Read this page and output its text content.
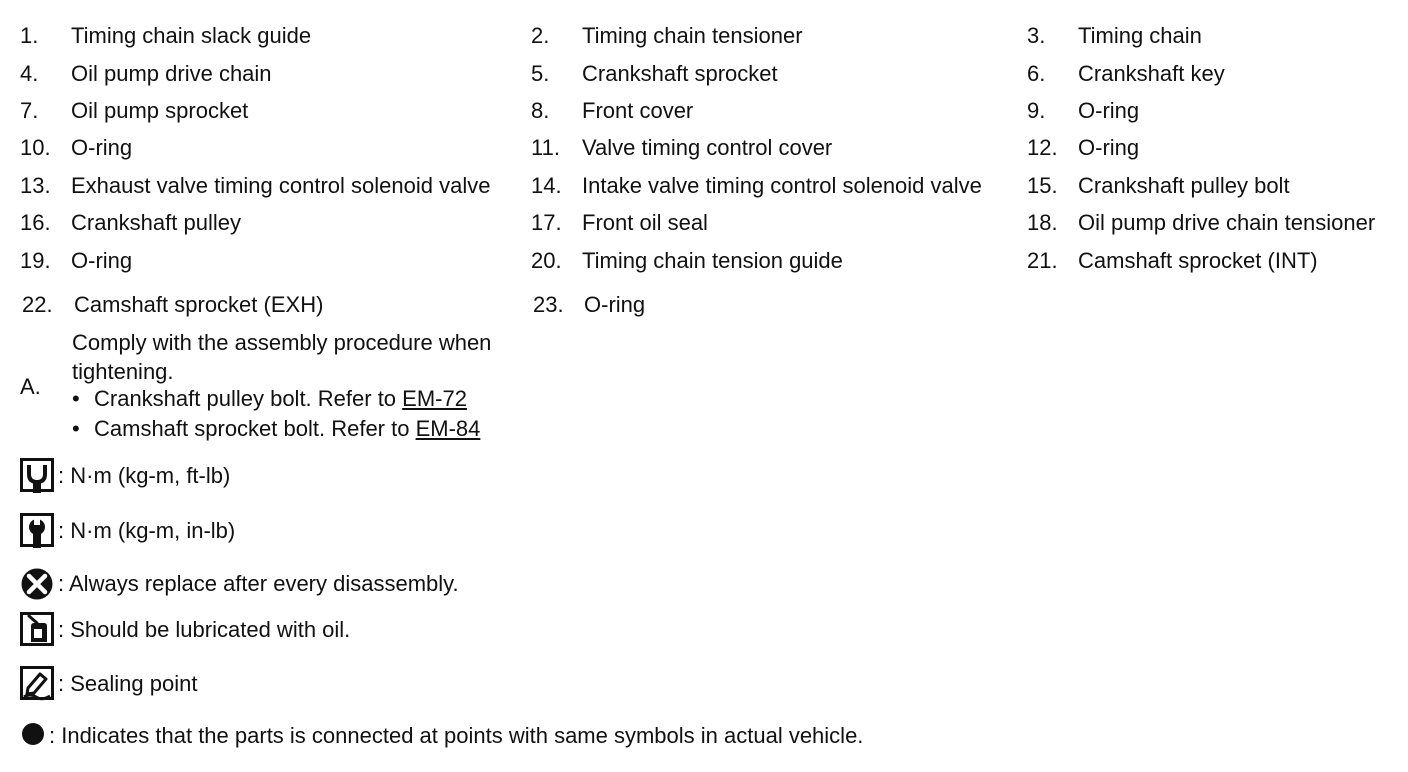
1. Timing chain slack guide
4. Oil pump drive chain
7. Oil pump sprocket
10. O-ring
13. Exhaust valve timing control solenoid valve
16. Crankshaft pulley
19. O-ring
22. Camshaft sprocket (EXH)
2. Timing chain tensioner
5. Crankshaft sprocket
8. Front cover
11. Valve timing control cover
14. Intake valve timing control solenoid valve
17. Front oil seal
20. Timing chain tension guide
23. O-ring
3. Timing chain
6. Crankshaft key
9. O-ring
12. O-ring
15. Crankshaft pulley bolt
18. Oil pump drive chain tensioner
21. Camshaft sprocket (INT)
A.
Comply with the assembly procedure when tightening.
• Crankshaft pulley bolt. Refer to EM-72
• Camshaft sprocket bolt. Refer to EM-84
: N·m (kg-m, ft-lb)
: N·m (kg-m, in-lb)
: Always replace after every disassembly.
: Should be lubricated with oil.
: Sealing point
: Indicates that the parts is connected at points with same symbols in actual vehicle.
